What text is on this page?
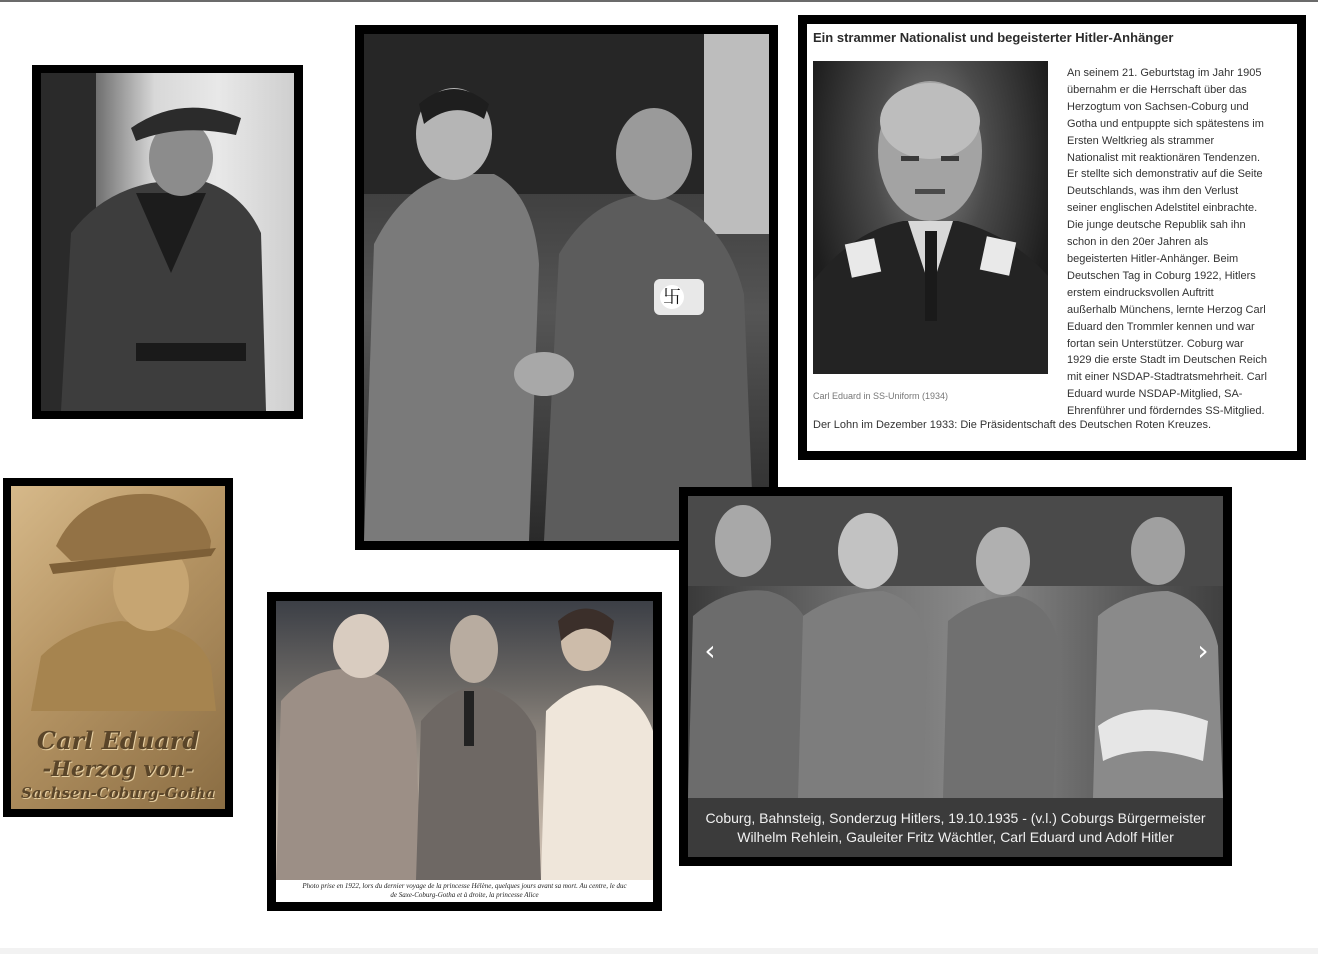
卐
Ein strammer Nationalist und begeisterter Hitler-Anhänger
Carl Eduard in SS-Uniform (1934)
An seinem 21. Geburtstag im Jahr 1905
übernahm er die Herrschaft über das
Herzogtum von Sachsen-Coburg und
Gotha und entpuppte sich spätestens im
Ersten Weltkrieg als strammer
Nationalist mit reaktionären Tendenzen.
Er stellte sich demonstrativ auf die Seite
Deutschlands, was ihm den Verlust
seiner englischen Adelstitel einbrachte.
Die junge deutsche Republik sah ihn
schon in den 20er Jahren als
begeisterten Hitler-Anhänger. Beim
Deutschen Tag in Coburg 1922, Hitlers
erstem eindrucksvollen Auftritt
außerhalb Münchens, lernte Herzog Carl
Eduard den Trommler kennen und war
fortan sein Unterstützer. Coburg war
1929 die erste Stadt im Deutschen Reich
mit einer NSDAP-Stadtratsmehrheit. Carl
Eduard wurde NSDAP-Mitglied, SA-
Ehrenführer und förderndes SS-Mitglied.
Der Lohn im Dezember 1933: Die Präsidentschaft des Deutschen Roten Kreuzes.
Carl Eduard
-Herzog von-
Sachsen-Coburg-Gotha
Photo prise en 1922, lors du dernier voyage de la princesse Hélène, quelques jours avant sa mort. Au centre, le duc
de Saxe-Coburg-Gotha et à droite, la princesse Alice
‹	›
Coburg, Bahnsteig, Sonderzug Hitlers, 19.10.1935 - (v.l.) Coburgs Bürgermeister
Wilhelm Rehlein, Gauleiter Fritz Wächtler, Carl Eduard und Adolf Hitler
